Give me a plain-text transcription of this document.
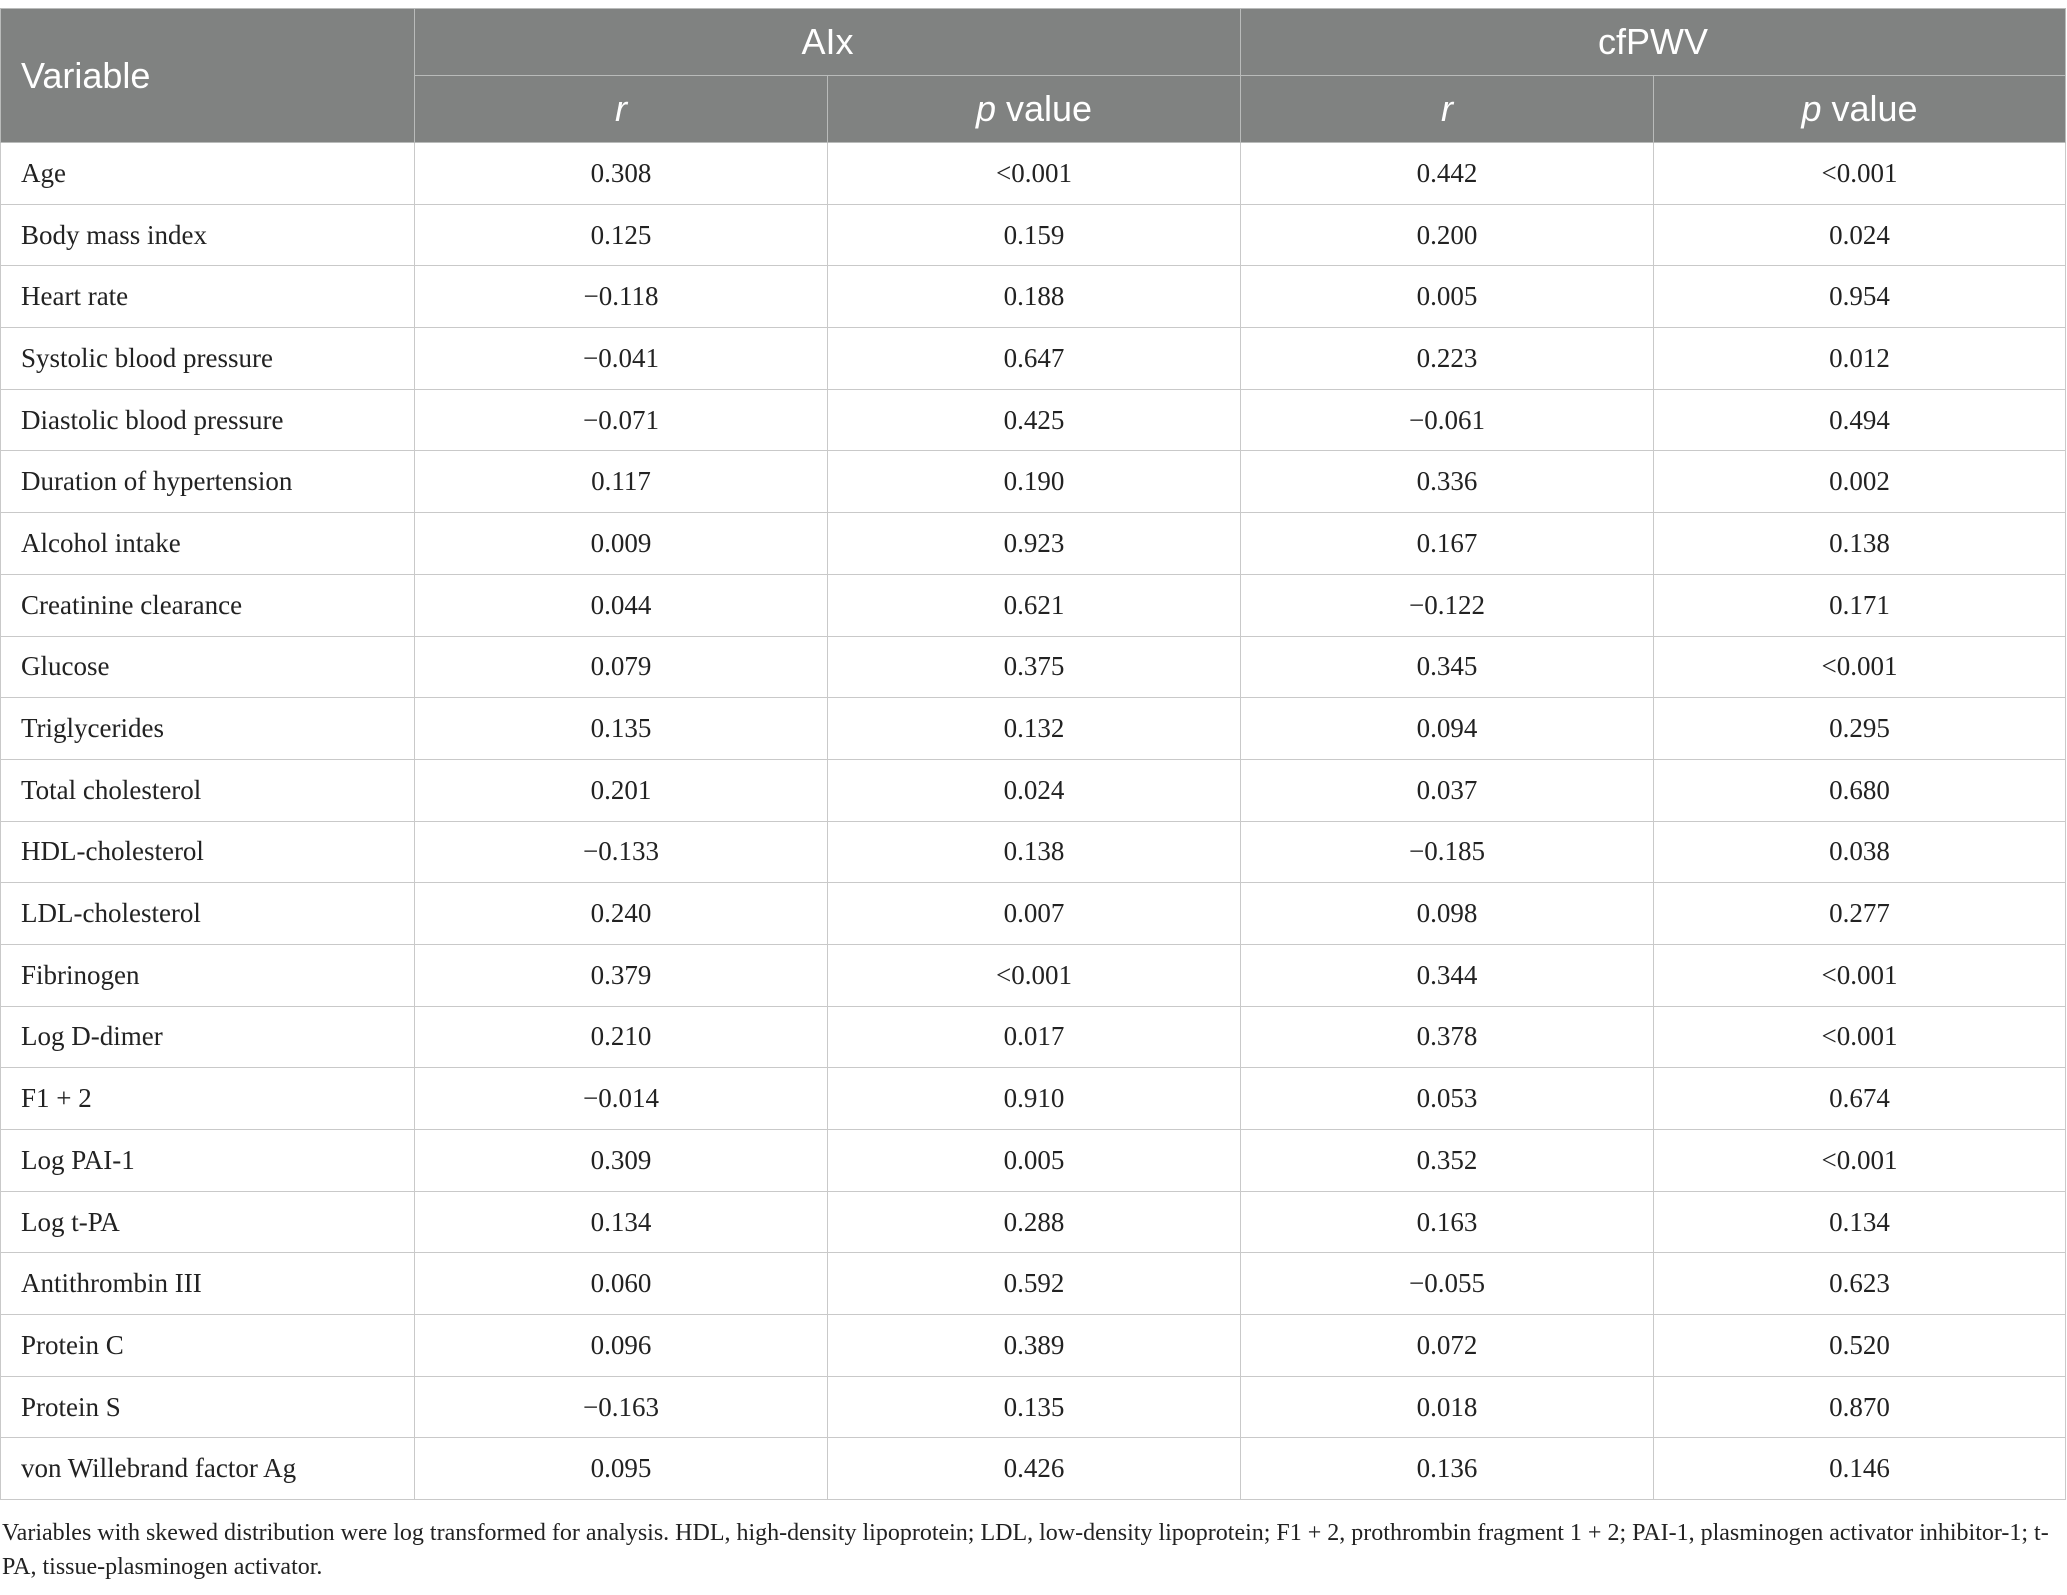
Variable	AIx		cfPWV	
	r	p value	r	p value
Age	0.308	<0.001	0.442	<0.001
Body mass index	0.125	0.159	0.200	0.024
Heart rate	−0.118	0.188	0.005	0.954
Systolic blood pressure	−0.041	0.647	0.223	0.012
Diastolic blood pressure	−0.071	0.425	−0.061	0.494
Duration of hypertension	0.117	0.190	0.336	0.002
Alcohol intake	0.009	0.923	0.167	0.138
Creatinine clearance	0.044	0.621	−0.122	0.171
Glucose	0.079	0.375	0.345	<0.001
Triglycerides	0.135	0.132	0.094	0.295
Total cholesterol	0.201	0.024	0.037	0.680
HDL-cholesterol	−0.133	0.138	−0.185	0.038
LDL-cholesterol	0.240	0.007	0.098	0.277
Fibrinogen	0.379	<0.001	0.344	<0.001
Log D-dimer	0.210	0.017	0.378	<0.001
F1 + 2	−0.014	0.910	0.053	0.674
Log PAI-1	0.309	0.005	0.352	<0.001
Log t-PA	0.134	0.288	0.163	0.134
Antithrombin III	0.060	0.592	−0.055	0.623
Protein C	0.096	0.389	0.072	0.520
Protein S	−0.163	0.135	0.018	0.870
von Willebrand factor Ag	0.095	0.426	0.136	0.146
Variables with skewed distribution were log transformed for analysis. HDL, high-density lipoprotein; LDL, low-density lipoprotein; F1 + 2, prothrombin fragment 1 + 2; PAI-1, plasminogen activator inhibitor-1; t-PA, tissue-plasminogen activator.
